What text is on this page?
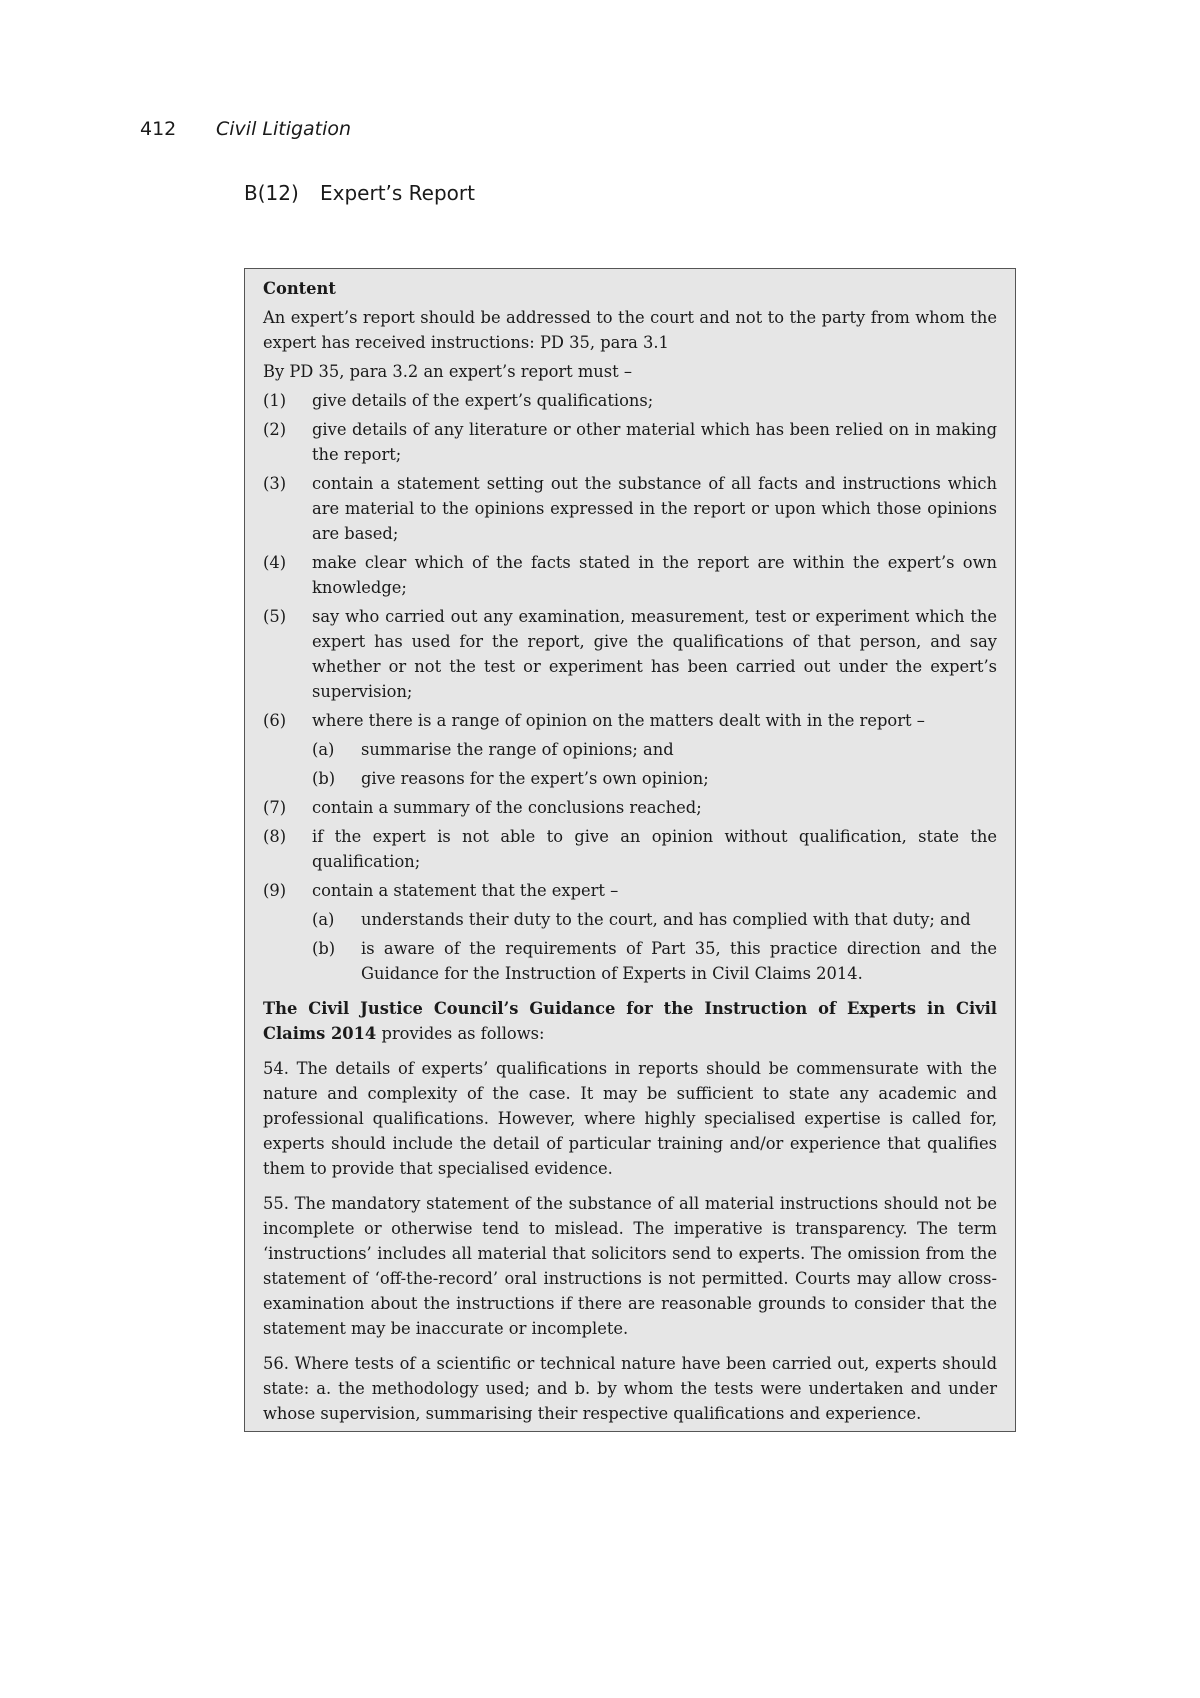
412 Civil Litigation
B(12) Expert’s Report

Content

An expert’s report should be addressed to the court and not to the party from whom the expert has received instructions: PD 35, para 3.1

By PD 35, para 3.2 an expert’s report must –

(1)	give details of the expert’s qualifications;
(2)	give details of any literature or other material which has been relied on in making the report;
(3)	contain a statement setting out the substance of all facts and instructions which are material to the opinions expressed in the report or upon which those opinions are based;
(4)	make clear which of the facts stated in the report are within the expert’s own knowledge;
(5)	say who carried out any examination, measurement, test or experiment which the expert has used for the report, give the qualifications of that person, and say whether or not the test or experiment has been carried out under the expert’s supervision;
(6)	where there is a range of opinion on the matters dealt with in the report –
(a)	summarise the range of opinions; and
(b)	give reasons for the expert’s own opinion;
(7)	contain a summary of the conclusions reached;
(8)	if the expert is not able to give an opinion without qualification, state the qualification;
(9)	contain a statement that the expert –
(a)	understands their duty to the court, and has complied with that duty; and
(b)	is aware of the requirements of Part 35, this practice direction and the Guidance for the Instruction of Experts in Civil Claims 2014.

The Civil Justice Council’s Guidance for the Instruction of Experts in Civil Claims 2014 provides as follows:

54. The details of experts’ qualifications in reports should be commensurate with the nature and complexity of the case. It may be sufficient to state any academic and professional qualifications. However, where highly specialised expertise is called for, experts should include the detail of particular training and/or experience that qualifies them to provide that specialised evidence.

55. The mandatory statement of the substance of all material instructions should not be incomplete or otherwise tend to mislead. The imperative is transparency. The term ‘instructions’ includes all material that solicitors send to experts. The omission from the statement of ‘off-the-record’ oral instructions is not permitted. Courts may allow cross-examination about the instructions if there are reasonable grounds to consider that the statement may be inaccurate or incomplete.

56. Where tests of a scientific or technical nature have been carried out, experts should state: a. the methodology used; and b. by whom the tests were undertaken and under whose supervision, summarising their respective qualifications and experience.
